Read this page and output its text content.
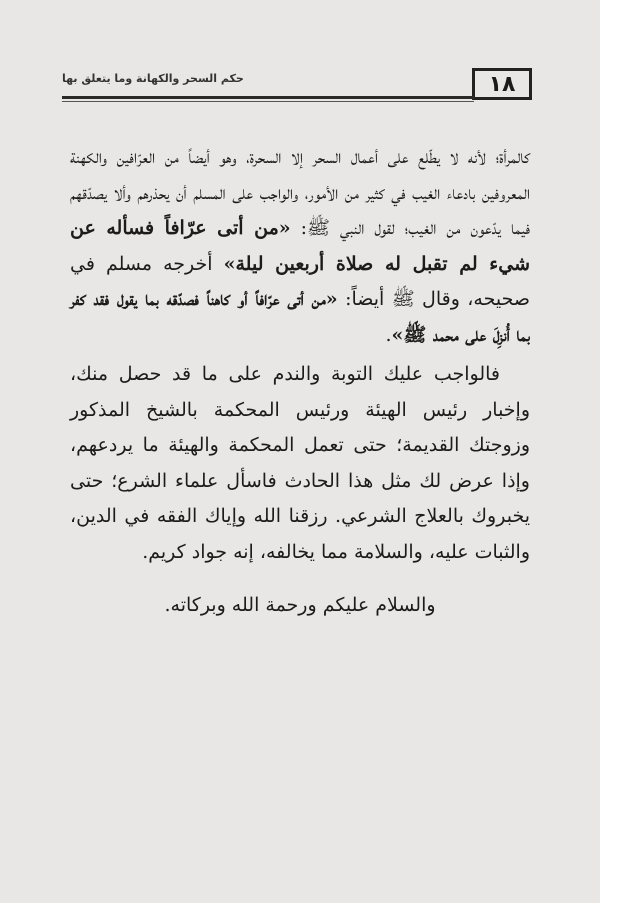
حكم السحر والكهانة وما يتعلق بها	١٨

كالمرأة؛ لأنه لا يطّلع على أعمال السحر إلا السحرة، وهو أيضاً من العرّافين والكهنة المعروفين بادعاء الغيب في كثير من الأمور، والواجب على المسلم أن يحذرهم وألا يصدّقهم فيما يدّعون من الغيب؛ لقول النبي ﷺ: «من أتى عرّافاً فسأله عن شيء لم تقبل له صلاة أربعين ليلة» أخرجه مسلم في صحيحه، وقال ﷺ أيضاً: «من أتى عرّافاً أو كاهناً فصدّقه بما يقول فقد كفر بما أُنزِلَ على محمد ﷺ».

فالواجب عليك التوبة والندم على ما قد حصل منك، وإخبار رئيس الهيئة ورئيس المحكمة بالشيخ المذكور وزوجتك القديمة؛ حتى تعمل المحكمة والهيئة ما يردعهم، وإذا عرض لك مثل هذا الحادث فاسأل علماء الشرع؛ حتى يخبروك بالعلاج الشرعي. رزقنا الله وإياك الفقه في الدين، والثبات عليه، والسلامة مما يخالفه، إنه جواد كريم.

والسلام عليكم ورحمة الله وبركاته.
